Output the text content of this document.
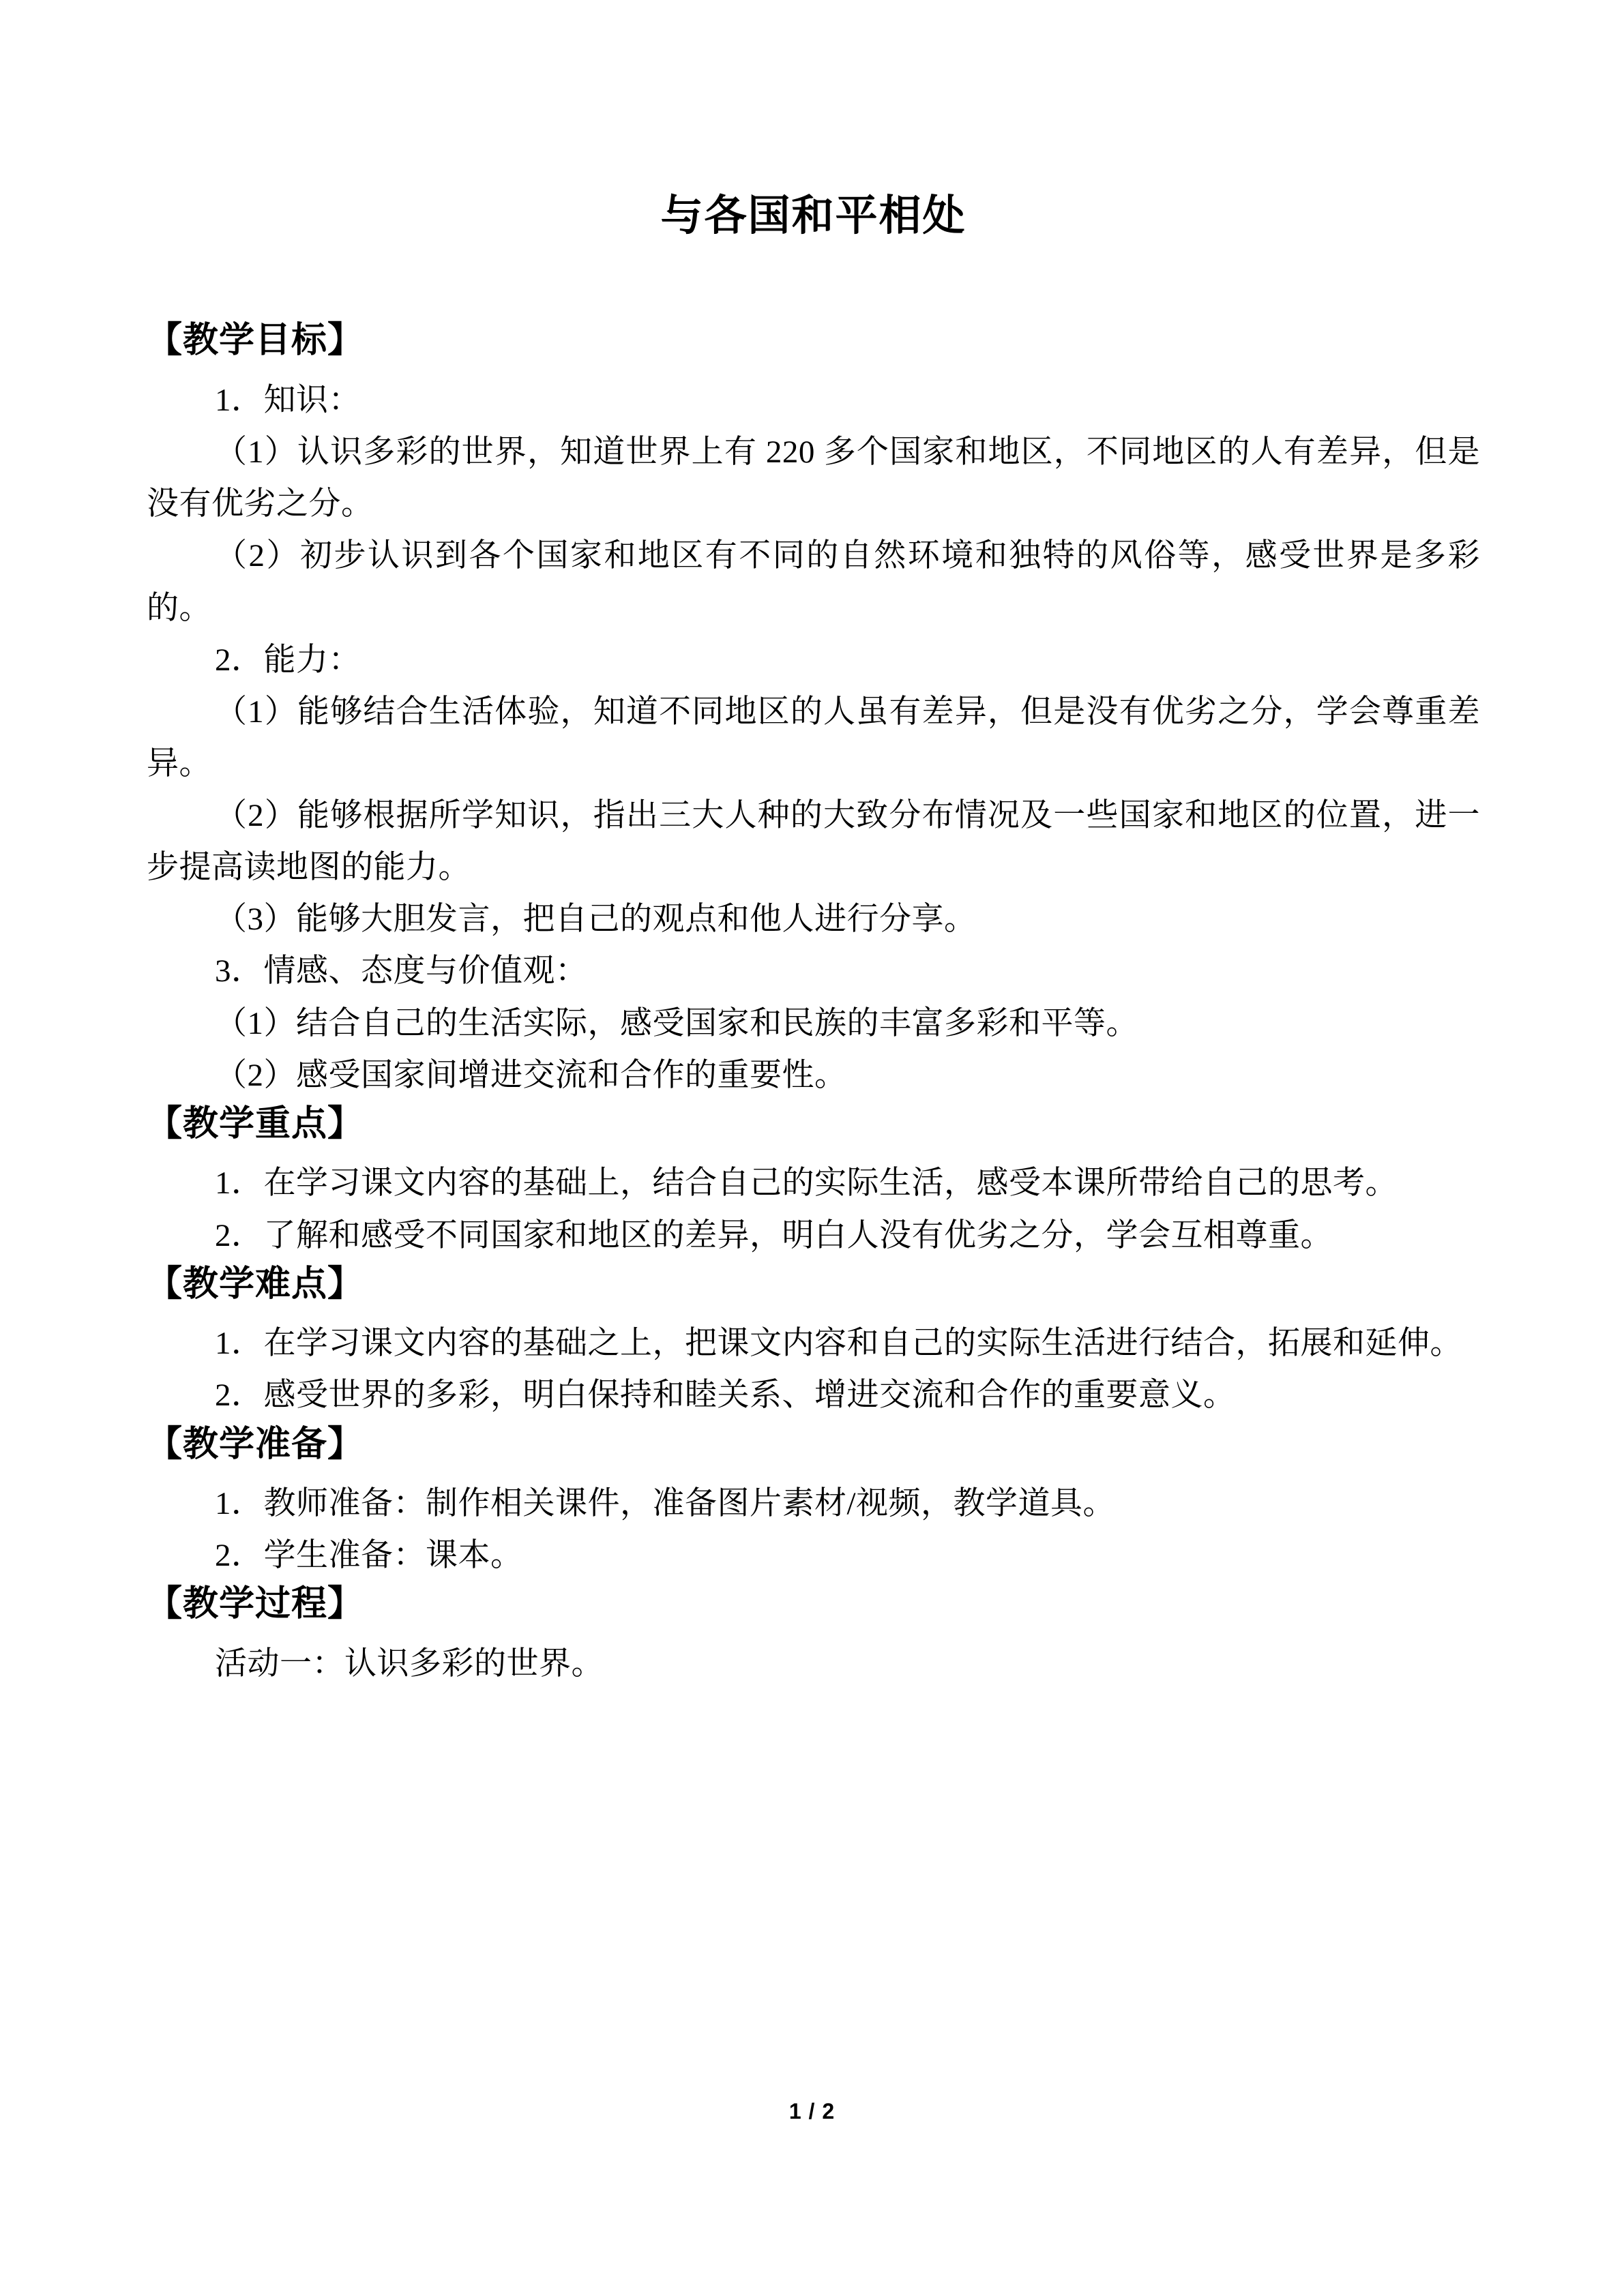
与各国和平相处
【教学目标】

1．知识：

（1）认识多彩的世界，知道世界上有 220 多个国家和地区，不同地区的人有差异，但是没有优劣之分。

（2）初步认识到各个国家和地区有不同的自然环境和独特的风俗等，感受世界是多彩的。

2．能力：

（1）能够结合生活体验，知道不同地区的人虽有差异，但是没有优劣之分，学会尊重差异。

（2）能够根据所学知识，指出三大人种的大致分布情况及一些国家和地区的位置，进一步提高读地图的能力。

（3）能够大胆发言，把自己的观点和他人进行分享。

3．情感、态度与价值观：

（1）结合自己的生活实际，感受国家和民族的丰富多彩和平等。

（2）感受国家间增进交流和合作的重要性。

【教学重点】

1．在学习课文内容的基础上，结合自己的实际生活，感受本课所带给自己的思考。

2．了解和感受不同国家和地区的差异，明白人没有优劣之分，学会互相尊重。

【教学难点】

1．在学习课文内容的基础之上，把课文内容和自己的实际生活进行结合，拓展和延伸。

2．感受世界的多彩，明白保持和睦关系、增进交流和合作的重要意义。

【教学准备】

1．教师准备：制作相关课件，准备图片素材/视频，教学道具。

2．学生准备：课本。

【教学过程】

活动一：认识多彩的世界。

1 / 2
